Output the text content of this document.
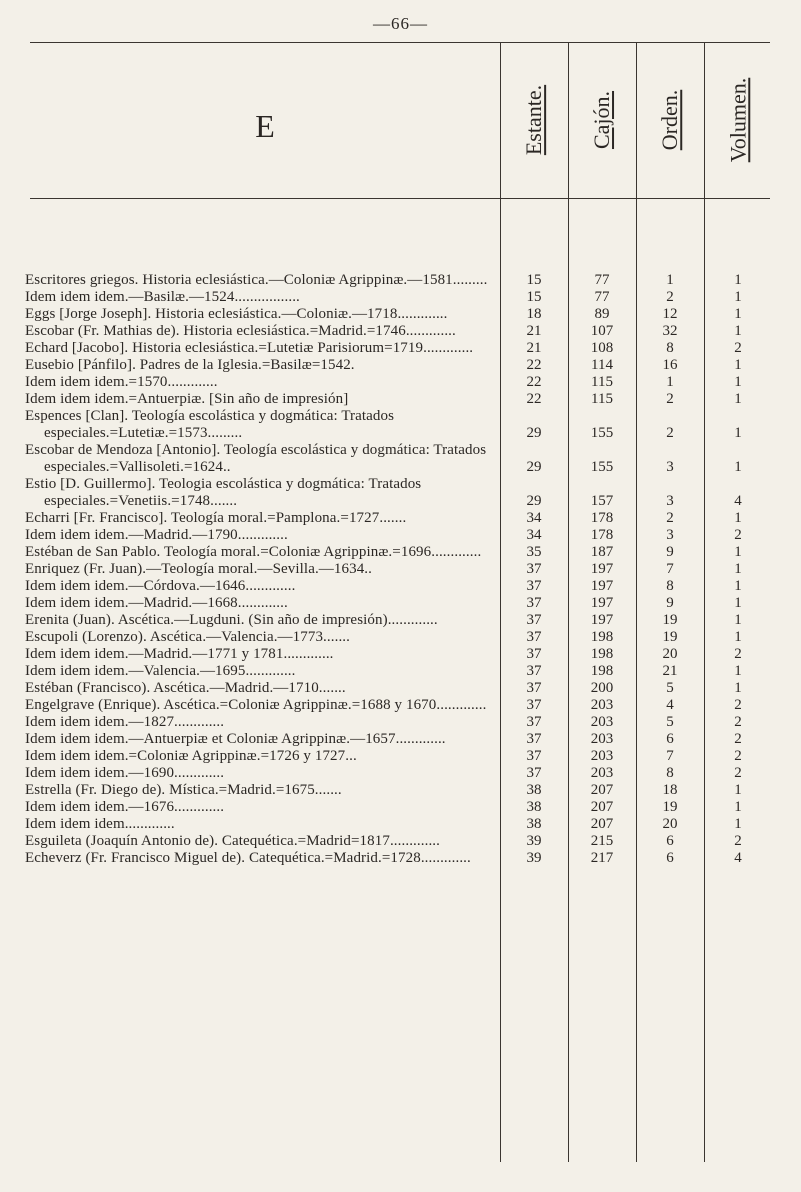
—66—
E	Estante. Cajón. Orden. Volumen.
Escritores griegos. Historia eclesiástica.—Coloniæ Agrippinæ.—1581.........	15	77	1	1
Idem idem idem.—Basilæ.—1524.................	15	77	2	1
Eggs [Jorge Joseph]. Historia eclesiástica.—Coloniæ.—1718.............	18	89	12	1
Escobar (Fr. Mathias de). Historia eclesiástica.=Madrid.=1746.............	21	107	32	1
Echard [Jacobo]. Historia eclesiástica.=Lutetiæ Parisiorum=1719.............	21	108	8	2
Eusebio [Pánfilo]. Padres de la Iglesia.=Basilæ=1542.	22	114	16	1
Idem idem idem.=1570.............	22	115	1	1
Idem idem idem.=Antuerpiæ. [Sin año de impresión]	22	115	2	1
Espences [Clan]. Teología escolástica y dogmática: Tratados especiales.=Lutetiæ.=1573.........	29	155	2	1
Escobar de Mendoza [Antonio]. Teología escolástica y dogmática: Tratados especiales.=Vallisoleti.=1624..	29	155	3	1
Estio [D. Guillermo]. Teologia escolástica y dogmática: Tratados especiales.=Venetiis.=1748.......	29	157	3	4
Echarri [Fr. Francisco]. Teología moral.=Pamplona.=1727.......	34	178	2	1
Idem idem idem.—Madrid.—1790.............	34	178	3	2
Estéban de San Pablo. Teología moral.=Coloniæ Agrippinæ.=1696.............	35	187	9	1
Enriquez (Fr. Juan).—Teología moral.—Sevilla.—1634..	37	197	7	1
Idem idem idem.—Córdova.—1646.............	37	197	8	1
Idem idem idem.—Madrid.—1668.............	37	197	9	1
Erenita (Juan). Ascética.—Lugduni. (Sin año de impresión).............	37	197	19	1
Escupoli (Lorenzo). Ascética.—Valencia.—1773.......	37	198	19	1
Idem idem idem.—Madrid.—1771 y 1781.............	37	198	20	2
Idem idem idem.—Valencia.—1695.............	37	198	21	1
Estéban (Francisco). Ascética.—Madrid.—1710.......	37	200	5	1
Engelgrave (Enrique). Ascética.=Coloniæ Agrippinæ.=1688 y 1670.............	37	203	4	2
Idem idem idem.—1827.............	37	203	5	2
Idem idem idem.—Antuerpiæ et Coloniæ Agrippinæ.—1657.............	37	203	6	2
Idem idem idem.=Coloniæ Agrippinæ.=1726 y 1727...	37	203	7	2
Idem idem idem.—1690.............	37	203	8	2
Estrella (Fr. Diego de). Mística.=Madrid.=1675.......	38	207	18	1
Idem idem idem.—1676.............	38	207	19	1
Idem idem idem.............	38	207	20	1
Esguileta (Joaquín Antonio de). Catequética.=Madrid=1817.............	39	215	6	2
Echeverz (Fr. Francisco Miguel de). Catequética.=Madrid.=1728.............	39	217	6	4
